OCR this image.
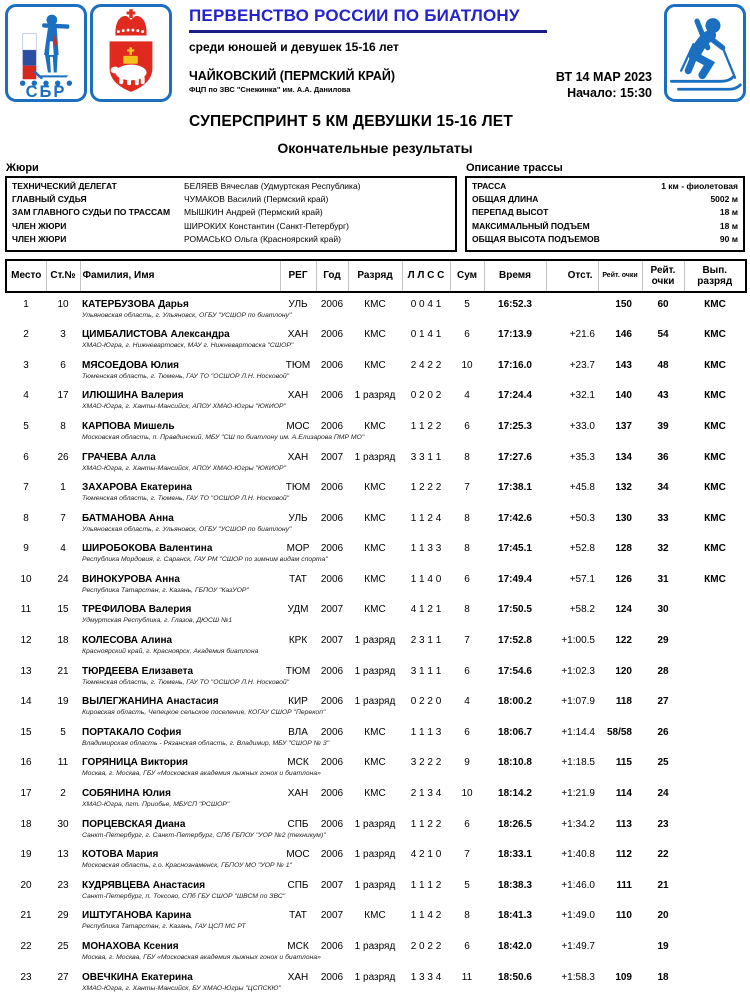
СБР
ПЕРВЕНСТВО РОССИИ ПО БИАТЛОНУ
среди юношей и девушек 15-16 лет
ЧАЙКОВСКИЙ (ПЕРМСКИЙ КРАЙ)
ФЦП по ЗВС "Снежинка" им. А.А. Данилова
ВТ 14 МАР 2023
Начало: 15:30
СУПЕРСПРИНТ 5 КМ ДЕВУШКИ 15-16 ЛЕТ
Окончательные результаты
Жюри
ТЕХНИЧЕСКИЙ ДЕЛЕГАТ	БЕЛЯЕВ Вячеслав (Удмуртская Республика)
ГЛАВНЫЙ СУДЬЯ	ЧУМАКОВ Василий (Пермский край)
ЗАМ ГЛАВНОГО СУДЬИ ПО ТРАССАМ	МЫШКИН Андрей (Пермский край)
ЧЛЕН ЖЮРИ	ШИРОКИХ Константин (Санкт-Петербург)
ЧЛЕН ЖЮРИ	РОМАСЬКО Ольга (Красноярский край)
Описание трассы
ТРАССА	1 км - фиолетовая
ОБЩАЯ ДЛИНА	5002 м
ПЕРЕПАД ВЫСОТ	18 м
МАКСИМАЛЬНЫЙ ПОДЪЕМ	18 м
ОБЩАЯ ВЫСОТА ПОДЪЕМОВ	90 м
Место	Ст.№	Фамилия, Имя	РЕГ	Год	Разряд	Л Л С С	Сум	Время	Отст.	Рейт. очки	Рейт. очки	Вып. разряд
1	10	КАТЕРБУЗОВА Дарья	УЛЬ	2006	КМС	0 0 4 1	5	16:52.3		150	60	КМС
		Ульяновская область, г. Ульяновск, ОГБУ "УСШОР по биатлону"										
2	3	ЦИМБАЛИСТОВА Александра	ХАН	2006	КМС	0 1 4 1	6	17:13.9	+21.6	146	54	КМС
		ХМАО-Югра, г. Нижневартовск, МАУ г. Нижневартовска "СШОР"										
3	6	МЯСОЕДОВА Юлия	ТЮМ	2006	КМС	2 4 2 2	10	17:16.0	+23.7	143	48	КМС
		Тюменская область, г. Тюмень, ГАУ ТО "ОСШОР Л.Н. Носковой"										
4	17	ИЛЮШИНА Валерия	ХАН	2006	1 разряд	0 2 0 2	4	17:24.4	+32.1	140	43	КМС
		ХМАО-Югра, г. Ханты-Мансийск, АПОУ ХМАО-Югры "ЮКИОР"										
5	8	КАРПОВА Мишель	МОС	2006	КМС	1 1 2 2	6	17:25.3	+33.0	137	39	КМС
		Московская область, п. Правдинский, МБУ "СШ по биатлону им. А.Елизарова ПМР МО"										
6	26	ГРАЧЕВА Алла	ХАН	2007	1 разряд	3 3 1 1	8	17:27.6	+35.3	134	36	КМС
		ХМАО-Югра, г. Ханты-Мансийск, АПОУ ХМАО-Югры "ЮКИОР"										
7	1	ЗАХАРОВА Екатерина	ТЮМ	2006	КМС	1 2 2 2	7	17:38.1	+45.8	132	34	КМС
		Тюменская область, г. Тюмень, ГАУ ТО "ОСШОР Л.Н. Носковой"										
8	7	БАТМАНОВА Анна	УЛЬ	2006	КМС	1 1 2 4	8	17:42.6	+50.3	130	33	КМС
		Ульяновская область, г. Ульяновск, ОГБУ "УСШОР по биатлону"										
9	4	ШИРОБОКОВА Валентина	МОР	2006	КМС	1 1 3 3	8	17:45.1	+52.8	128	32	КМС
		Республика Мордовия, г. Саранск, ГАУ РМ "СШОР по зимним видам спорта"										
10	24	ВИНОКУРОВА Анна	ТАТ	2006	КМС	1 1 4 0	6	17:49.4	+57.1	126	31	КМС
		Республика Татарстан, г. Казань, ГБПОУ "КазУОР"										
11	15	ТРЕФИЛОВА Валерия	УДМ	2007	КМС	4 1 2 1	8	17:50.5	+58.2	124	30	
		Удмуртская Республика, г. Глазов, ДЮСШ №1										
12	18	КОЛЕСОВА Алина	КРК	2007	1 разряд	2 3 1 1	7	17:52.8	+1:00.5	122	29	
		Красноярский край, г. Красноярск, Академия биатлона										
13	21	ТЮРДЕЕВА Елизавета	ТЮМ	2006	1 разряд	3 1 1 1	6	17:54.6	+1:02.3	120	28	
		Тюменская область, г. Тюмень, ГАУ ТО "ОСШОР Л.Н. Носковой"										
14	19	ВЫЛЕГЖАНИНА Анастасия	КИР	2006	1 разряд	0 2 2 0	4	18:00.2	+1:07.9	118	27	
		Кировская область, Чепецкое сельское поселение, КОГАУ СШОР "Перекоп"										
15	5	ПОРТАКАЛО София	ВЛА	2006	КМС	1 1 1 3	6	18:06.7	+1:14.4	58/58	26	
		Владимирская область - Рязанская область, г. Владимир, МБУ "СШОР № 3"										
16	11	ГОРЯНИЦА Виктория	МСК	2006	КМС	3 2 2 2	9	18:10.8	+1:18.5	115	25	
		Москва, г. Москва, ГБУ «Московская академия лыжных гонок и биатлона»										
17	2	СОБЯНИНА Юлия	ХАН	2006	КМС	2 1 3 4	10	18:14.2	+1:21.9	114	24	
		ХМАО-Югра, пгт. Приобье, МБУСП "РСШОР"										
18	30	ПОРЦЕВСКАЯ Диана	СПБ	2006	1 разряд	1 1 2 2	6	18:26.5	+1:34.2	113	23	
		Санкт-Петербург, г. Санкт-Петербург, СПб ГБПОУ "УОР №2 (техникум)"										
19	13	КОТОВА Мария	МОС	2006	1 разряд	4 2 1 0	7	18:33.1	+1:40.8	112	22	
		Московская область, г.о. Краснознаменск, ГБПОУ МО "УОР № 1"										
20	23	КУДРЯВЦЕВА Анастасия	СПБ	2007	1 разряд	1 1 1 2	5	18:38.3	+1:46.0	111	21	
		Санкт-Петербург, п. Токсово, СПб ГБУ СШОР "ШВСМ по ЗВС"										
21	29	ИШТУГАНОВА Карина	ТАТ	2007	КМС	1 1 4 2	8	18:41.3	+1:49.0	110	20	
		Республика Татарстан, г. Казань, ГАУ ЦСП МС РТ										
22	25	МОНАХОВА Ксения	МСК	2006	1 разряд	2 0 2 2	6	18:42.0	+1:49.7		19	
		Москва, г. Москва, ГБУ «Московская академия лыжных гонок и биатлона»										
23	27	ОВЕЧКИНА Екатерина	ХАН	2006	1 разряд	1 3 3 4	11	18:50.6	+1:58.3	109	18	
		ХМАО-Югра, г. Ханты-Мансийск, БУ ХМАО-Югры "ЦСПСКЮ"										
